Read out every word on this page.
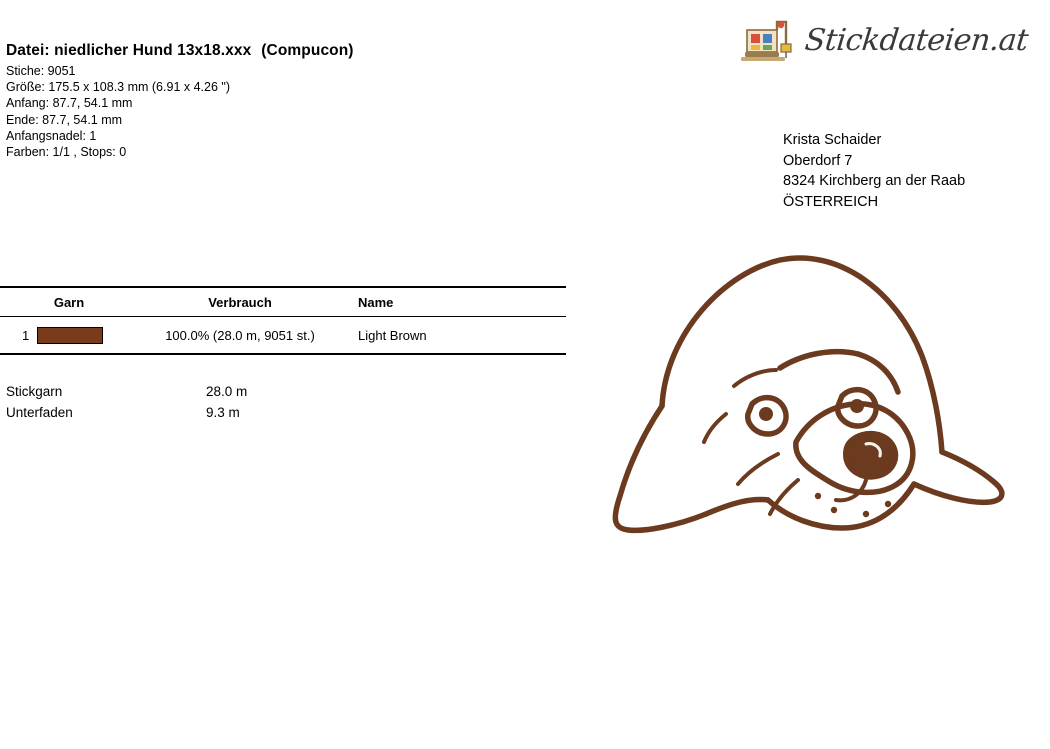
Datei: niedlicher Hund 13x18.xxx (Compucon)

Stiche: 9051

Größe: 175.5 x 108.3 mm (6.91 x 4.26 ")

Anfang: 87.7, 54.1 mm

Ende: 87.7, 54.1 mm

Anfangsnadel: 1

Farben: 1/1 , Stops: 0

Stickdateien.at
Krista Schaider
Oberdorf 7
8324 Kirchberg an der Raab
ÖSTERREICH
Garn	Verbrauch	Name
1	100.0% (28.0 m, 9051 st.)	Light Brown
Stickgarn	28.0 m
Unterfaden	9.3 m
